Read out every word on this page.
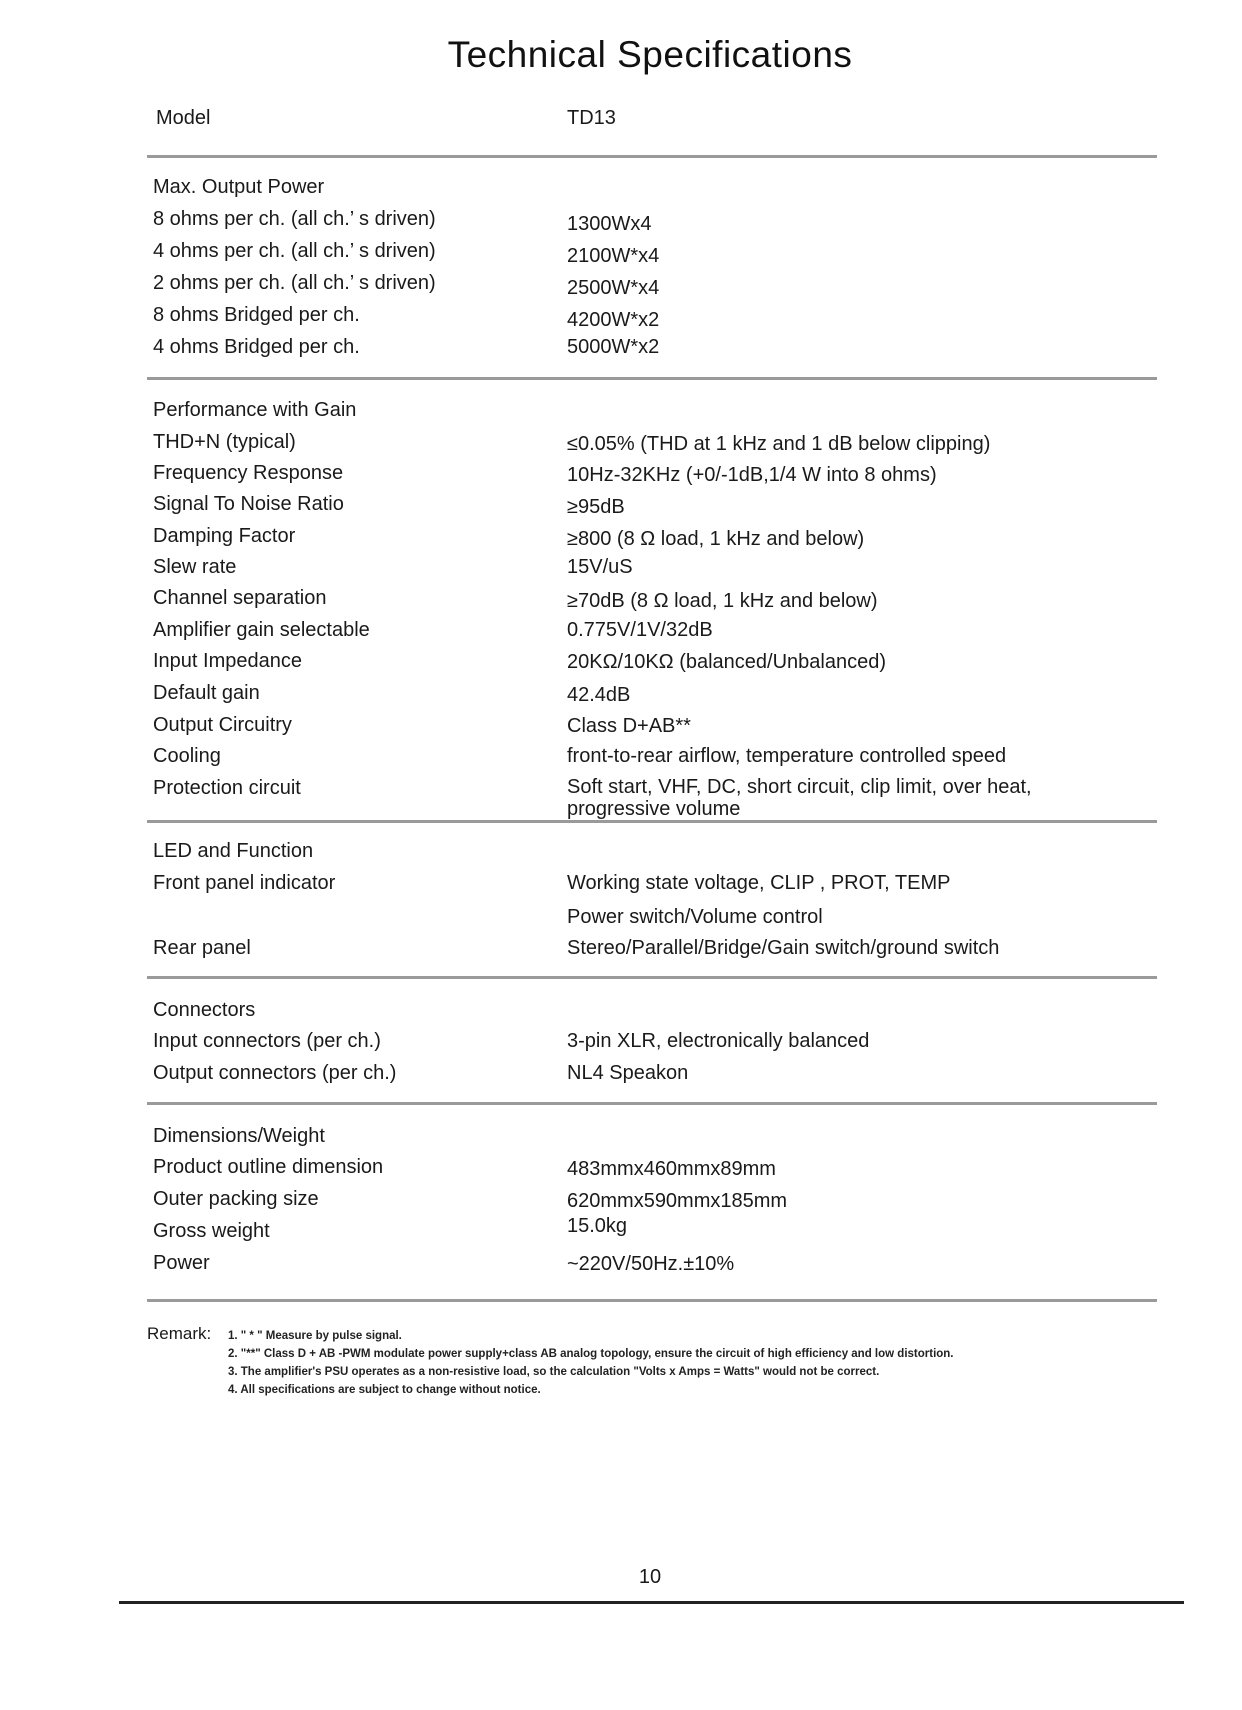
Technical Specifications
Model	TD13
Max. Output Power
8 ohms per ch. (all ch.’ s driven)	1300Wx4
4 ohms per ch. (all ch.’ s driven)	2100W*x4
2 ohms per ch. (all ch.’ s driven)	2500W*x4
8 ohms Bridged per ch.	4200W*x2
4 ohms Bridged per ch.	5000W*x2
Performance with Gain
THD+N (typical)	≤0.05% (THD at 1 kHz and 1 dB below clipping)
Frequency Response	10Hz-32KHz (+0/-1dB,1/4 W into 8 ohms)
Signal To Noise Ratio	≥95dB
Damping Factor	≥800 (8 Ω load, 1 kHz and below)
Slew rate	15V/uS
Channel separation	≥70dB (8 Ω load, 1 kHz and below)
Amplifier gain selectable	0.775V/1V/32dB
Input Impedance	20KΩ/10KΩ (balanced/Unbalanced)
Default gain	42.4dB
Output Circuitry	Class D+AB**
Cooling	front-to-rear airflow, temperature controlled speed
Protection circuit	Soft start, VHF, DC, short circuit, clip limit, over heat,
progressive volume
LED and Function
Front panel indicator	Working state voltage, CLIP , PROT, TEMP
Power switch/Volume control
Rear panel	Stereo/Parallel/Bridge/Gain switch/ground switch
Connectors
Input connectors (per ch.)	3-pin XLR, electronically balanced
Output connectors (per ch.)	NL4 Speakon
Dimensions/Weight
Product outline dimension	483mmx460mmx89mm
Outer packing size	620mmx590mmx185mm
Gross weight	15.0kg
Power	~220V/50Hz.±10%
Remark: 1. " * " Measure by pulse signal.
2. "**" Class D + AB -PWM modulate power supply+class AB analog topology, ensure the circuit of high efficiency and low distortion.
3. The amplifier's PSU operates as a non-resistive load, so the calculation "Volts x Amps = Watts" would not be correct.
4. All specifications are subject to change without notice.
10
